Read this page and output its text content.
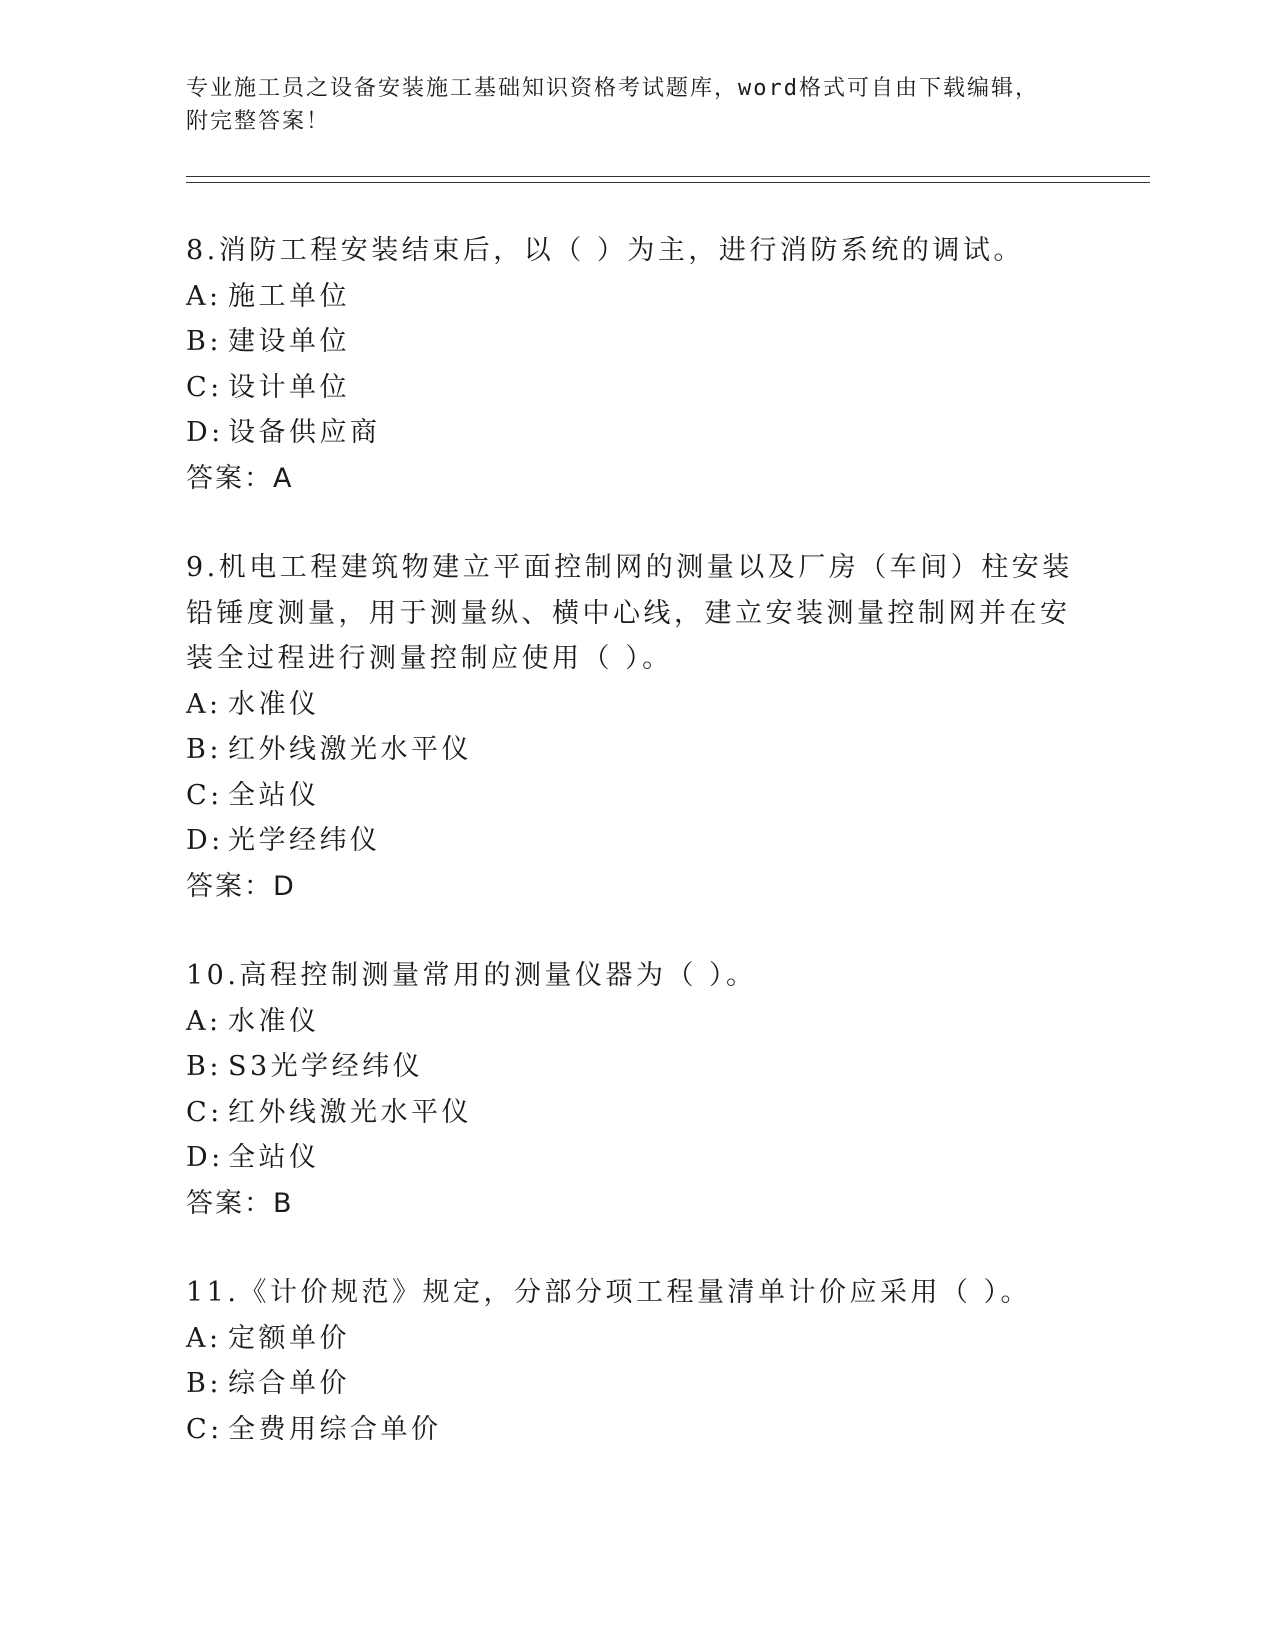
专业施工员之设备安装施工基础知识资格考试题库，word格式可自由下载编辑，
附完整答案！

8.消防工程安装结束后，以（ ）为主，进行消防系统的调试。

A: 施工单位

B: 建设单位

C: 设计单位

D: 设备供应商

答案：A

9.机电工程建筑物建立平面控制网的测量以及厂房（车间）柱安装铅锤度测量，用于测量纵、横中心线，建立安装测量控制网并在安装全过程进行测量控制应使用（ ）。

A: 水准仪

B: 红外线激光水平仪

C: 全站仪

D: 光学经纬仪

答案：D

10.高程控制测量常用的测量仪器为（ ）。

A: 水准仪

B: S3光学经纬仪

C: 红外线激光水平仪

D: 全站仪

答案：B

11.《计价规范》规定，分部分项工程量清单计价应采用（ ）。

A: 定额单价

B: 综合单价

C: 全费用综合单价
